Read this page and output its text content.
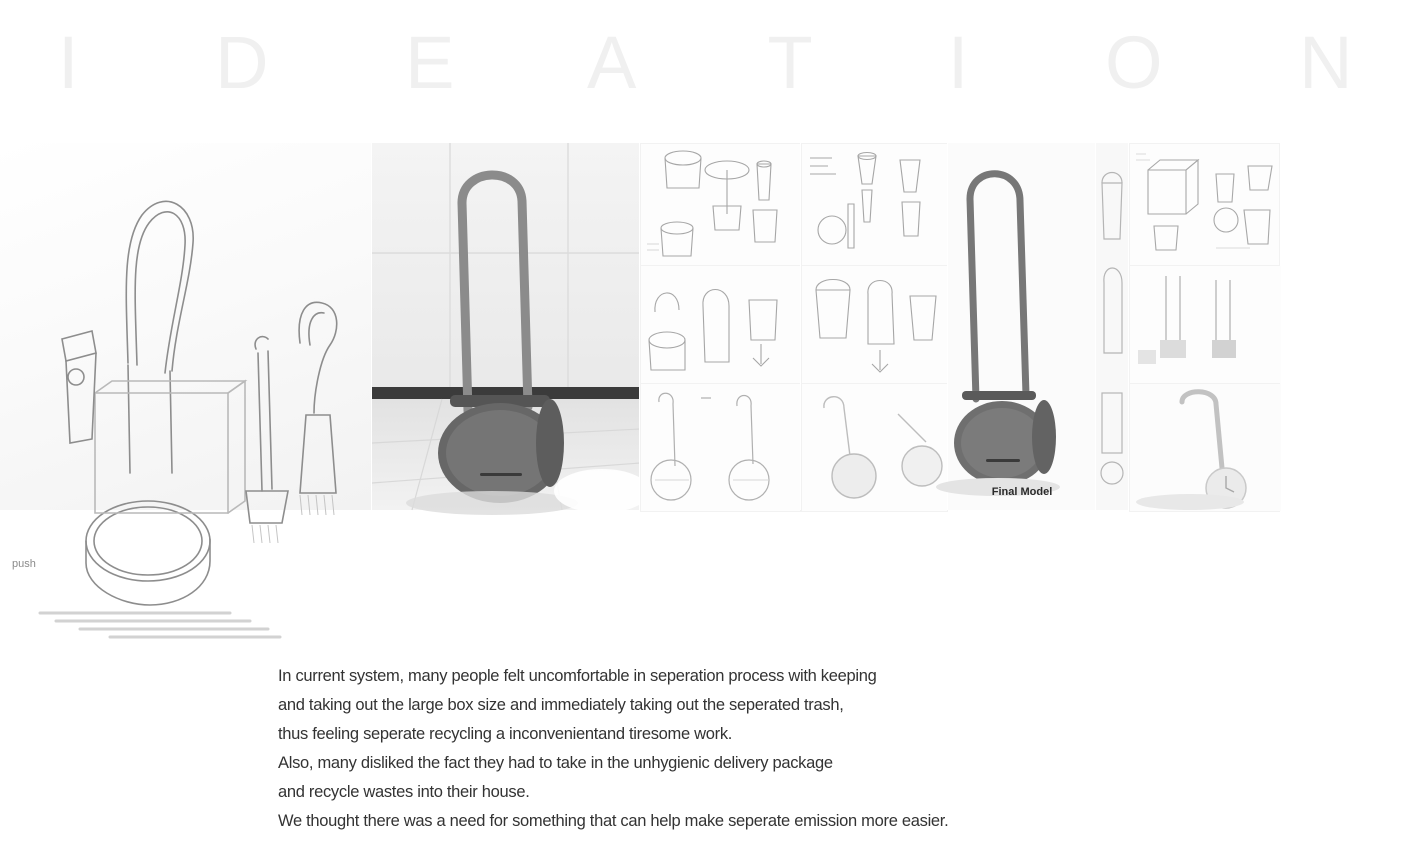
I D E A T I O N
push
Final Model

In current system, many people felt uncomfortable in seperation process with keeping

and taking out the large box size and immediately taking out the seperated trash,

thus feeling seperate recycling a inconvenientand tiresome work.

Also, many disliked the fact they had to take in the unhygienic delivery package

and recycle wastes into their house.

We thought there was a need for something that can help make seperate emission more easier.
